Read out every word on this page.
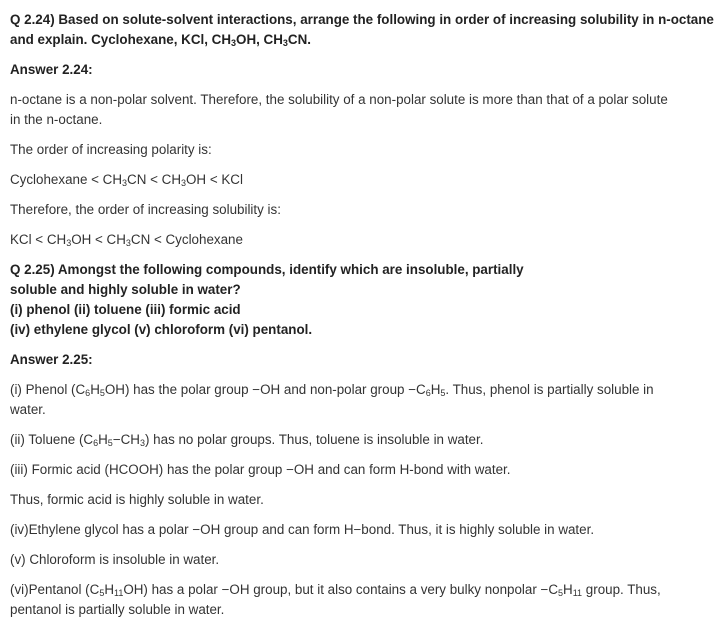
Q 2.24) Based on solute-solvent interactions, arrange the following in order of increasing solubility in n-octane
and explain. Cyclohexane, KCl, $CH_3OH$, $CH_3CN$.
Answer 2.24:
n-octane is a non-polar solvent. Therefore, the solubility of a non-polar solute is more than that of a polar solute
in the n-octane.
The order of increasing polarity is:
Cyclohexane < $CH_3CN < CH_3OH$ < KCl
Therefore, the order of increasing solubility is:
KCl < $CH_3OH < CH_3CN$ < Cyclohexane
Q 2.25) Amongst the following compounds, identify which are insoluble, partially
soluble and highly soluble in water?
(i) phenol (ii) toluene (iii) formic acid
(iv) ethylene glycol (v) chloroform (vi) pentanol.
Answer 2.25:
(i) Phenol $(C_6H_5OH)$ has the polar group −OH and non-polar group $-C_6H_5$. Thus, phenol is partially soluble in
water.
(ii) Toluene $(C_6H_5-CH_3)$ has no polar groups. Thus, toluene is insoluble in water.
(iii) Formic acid (HCOOH) has the polar group −OH and can form H-bond with water.
Thus, formic acid is highly soluble in water.
(iv)Ethylene glycol has a polar −OH group and can form H−bond. Thus, it is highly soluble in water.
(v) Chloroform is insoluble in water.
(vi)Pentanol $(C_5H_{11}OH)$ has a polar −OH group, but it also contains a very bulky nonpolar $-C_5H_{11}$ group. Thus,
pentanol is partially soluble in water.
